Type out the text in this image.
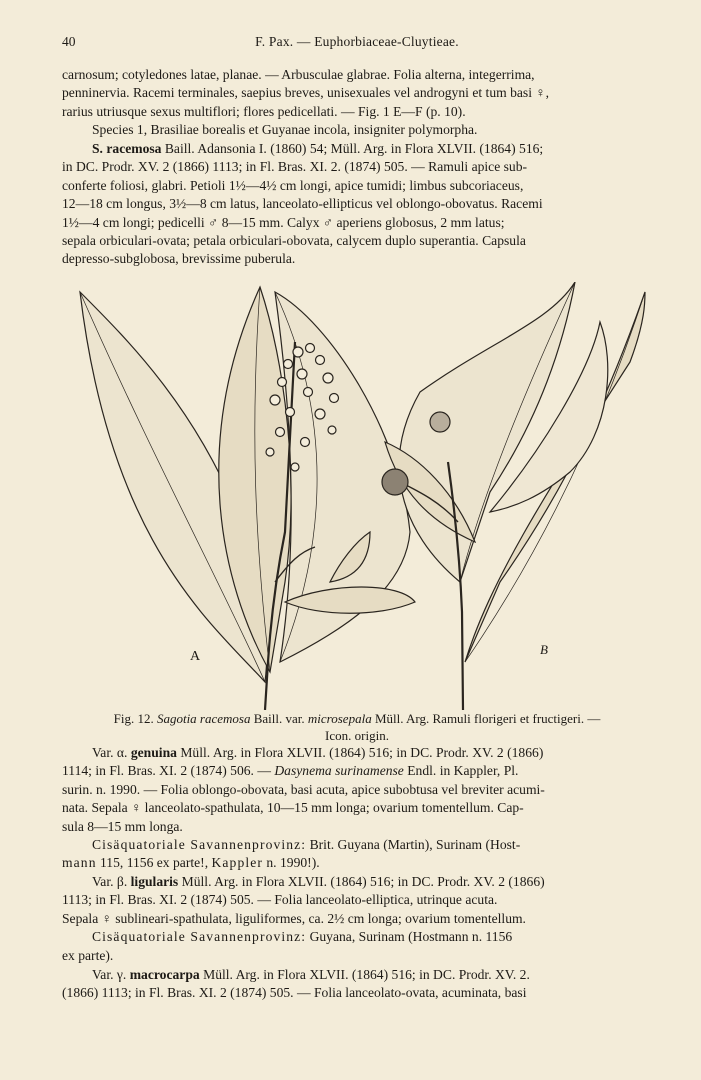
40	F. Pax. — Euphorbiaceae-Cluytieae.
carnosum; cotyledones latae, planae. — Arbusculae glabrae. Folia alterna, integerrima,
penninervia. Racemi terminales, saepius breves, unisexuales vel androgyni et tum basi ♀,
rarius utriusque sexus multiflori; flores pedicellati. — Fig. 1 E—F (p. 10).
Species 1, Brasiliae borealis et Guyanae incola, insigniter polymorpha.
S. racemosa Baill. Adansonia I. (1860) 54; Müll. Arg. in Flora XLVII. (1864) 516;
in DC. Prodr. XV. 2 (1866) 1113; in Fl. Bras. XI. 2. (1874) 505. — Ramuli apice sub-
conferte foliosi, glabri. Petioli 1½—4½ cm longi, apice tumidi; limbus subcoriaceus,
12—18 cm longus, 3½—8 cm latus, lanceolato-ellipticus vel oblongo-obovatus. Racemi
1½—4 cm longi; pedicelli ♂ 8—15 mm. Calyx ♂ aperiens globosus, 2 mm latus;
sepala orbiculari-ovata; petala orbiculari-obovata, calycem duplo superantia. Capsula
depresso-subglobosa, brevissime puberula.
A	B
Fig. 12. Sagotia racemosa Baill. var. microsepala Müll. Arg. Ramuli florigeri et fructigeri. —
Icon. origin.
Var. α. genuina Müll. Arg. in Flora XLVII. (1864) 516; in DC. Prodr. XV. 2 (1866)
1114; in Fl. Bras. XI. 2 (1874) 506. — Dasynema surinamense Endl. in Kappler, Pl.
surin. n. 1990. — Folia oblongo-obovata, basi acuta, apice subobtusa vel breviter acumi-
nata. Sepala ♀ lanceolato-spathulata, 10—15 mm longa; ovarium tomentellum. Cap-
sula 8—15 mm longa.
Cisäquatoriale Savannenprovinz: Brit. Guyana (Martin), Surinam (Host-
mann 115, 1156 ex parte!, Kappler n. 1990!).
Var. β. ligularis Müll. Arg. in Flora XLVII. (1864) 516; in DC. Prodr. XV. 2 (1866)
1113; in Fl. Bras. XI. 2 (1874) 505. — Folia lanceolato-elliptica, utrinque acuta.
Sepala ♀ sublineari-spathulata, liguliformes, ca. 2½ cm longa; ovarium tomentellum.
Cisäquatoriale Savannenprovinz: Guyana, Surinam (Hostmann n. 1156
ex parte).
Var. γ. macrocarpa Müll. Arg. in Flora XLVII. (1864) 516; in DC. Prodr. XV. 2.
(1866) 1113; in Fl. Bras. XI. 2 (1874) 505. — Folia lanceolato-ovata, acuminata, basi
